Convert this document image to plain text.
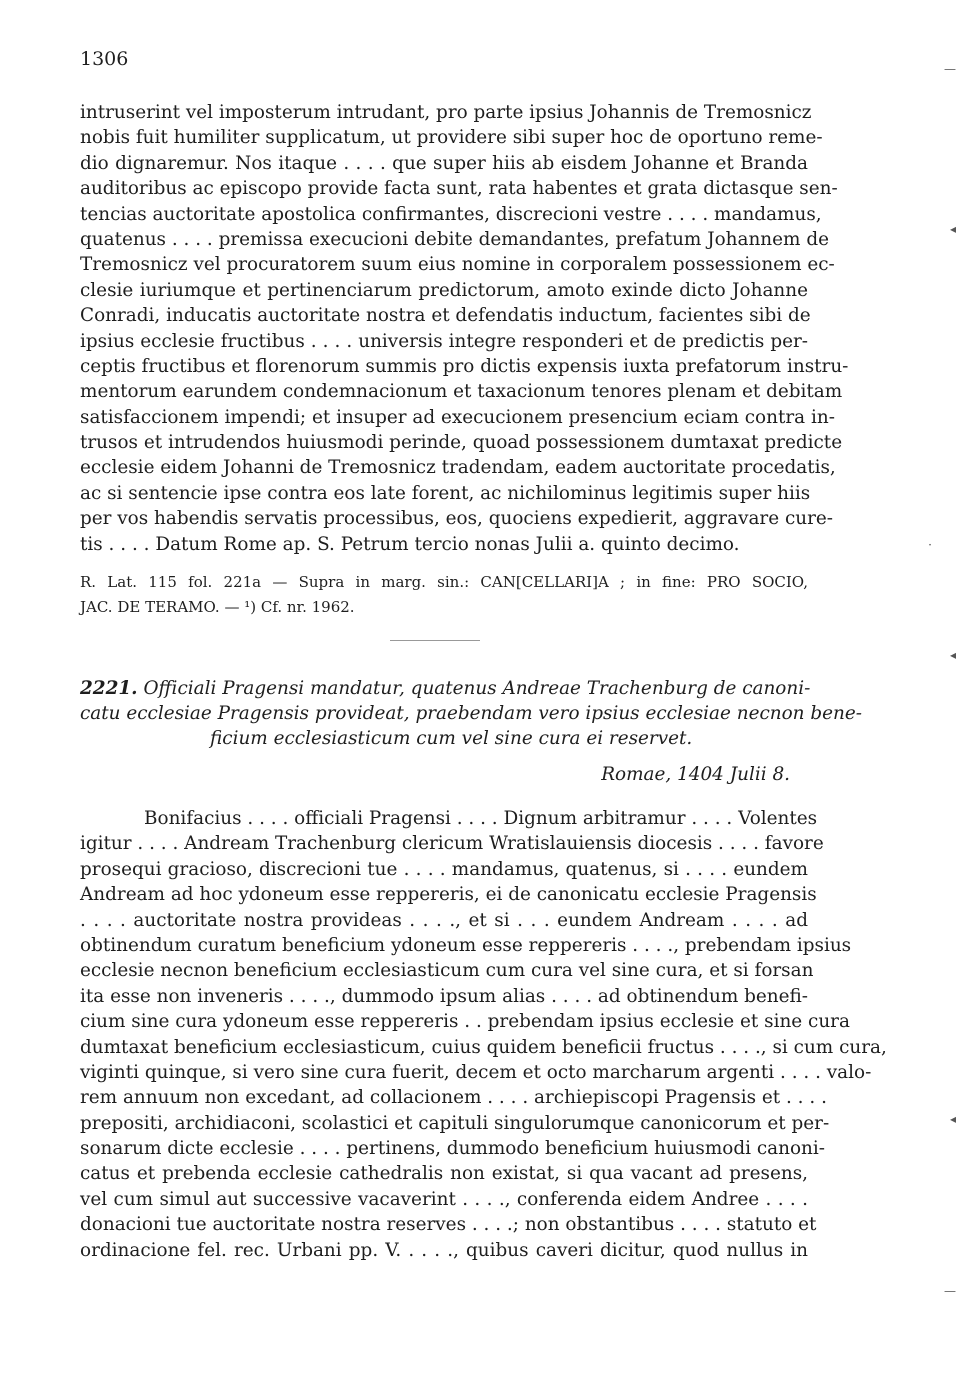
1306	—
◂
·
◂
◂
—
intruserint vel imposterum intrudant, pro parte ipsius Johannis de Tremosnicz
nobis fuit humiliter supplicatum, ut providere sibi super hoc de oportuno reme-
dio dignaremur. Nos itaque . . . . que super hiis ab eisdem Johanne et Branda
auditoribus ac episcopo provide facta sunt, rata habentes et grata dictasque sen-
tencias auctoritate apostolica confirmantes, discrecioni vestre . . . . mandamus,
quatenus . . . . premissa execucioni debite demandantes, prefatum Johannem de
Tremosnicz vel procuratorem suum eius nomine in corporalem possessionem ec-
clesie iuriumque et pertinenciarum predictorum, amoto exinde dicto Johanne
Conradi, inducatis auctoritate nostra et defendatis inductum, facientes sibi de
ipsius ecclesie fructibus . . . . universis integre responderi et de predictis per-
ceptis fructibus et florenorum summis pro dictis expensis iuxta prefatorum instru-
mentorum earundem condemnacionum et taxacionum tenores plenam et debitam
satisfaccionem impendi; et insuper ad execucionem presencium eciam contra in-
trusos et intrudendos huiusmodi perinde, quoad possessionem dumtaxat predicte
ecclesie eidem Johanni de Tremosnicz tradendam, eadem auctoritate procedatis,
ac si sentencie ipse contra eos late forent, ac nichilominus legitimis super hiis
per vos habendis servatis processibus, eos, quociens expedierit, aggravare cure-
tis . . . . Datum Rome ap. S. Petrum tercio nonas Julii a. quinto decimo.
R. Lat. 115 fol. 221a — Supra in marg. sin.: CAN[CELLARI]A ; in fine: PRO SOCIO,
JAC. DE TERAMO. — ¹) Cf. nr. 1962.
2221. Officiali Pragensi mandatur, quatenus Andreae Trachenburg de canoni-
catu ecclesiae Pragensis provideat, praebendam vero ipsius ecclesiae necnon bene-
ficium ecclesiasticum cum vel sine cura ei reservet.
Romae, 1404 Julii 8.
Bonifacius . . . . officiali Pragensi . . . . Dignum arbitramur . . . . Volentes
igitur . . . . Andream Trachenburg clericum Wratislauiensis diocesis . . . . favore
prosequi gracioso, discrecioni tue . . . . mandamus, quatenus, si . . . . eundem
Andream ad hoc ydoneum esse reppereris, ei de canonicatu ecclesie Pragensis
. . . . auctoritate nostra provideas . . . ., et si . . . eundem Andream . . . . ad
obtinendum curatum beneficium ydoneum esse reppereris . . . ., prebendam ipsius
ecclesie necnon beneficium ecclesiasticum cum cura vel sine cura, et si forsan
ita esse non inveneris . . . ., dummodo ipsum alias . . . . ad obtinendum benefi-
cium sine cura ydoneum esse reppereris . . prebendam ipsius ecclesie et sine cura
dumtaxat beneficium ecclesiasticum, cuius quidem beneficii fructus . . . ., si cum cura,
viginti quinque, si vero sine cura fuerit, decem et octo marcharum argenti . . . . valo-
rem annuum non excedant, ad collacionem . . . . archiepiscopi Pragensis et . . . .
prepositi, archidiaconi, scolastici et capituli singulorumque canonicorum et per-
sonarum dicte ecclesie . . . . pertinens, dummodo beneficium huiusmodi canoni-
catus et prebenda ecclesie cathedralis non existat, si qua vacant ad presens,
vel cum simul aut successive vacaverint . . . ., conferenda eidem Andree . . . .
donacioni tue auctoritate nostra reserves . . . .; non obstantibus . . . . statuto et
ordinacione fel. rec. Urbani pp. V. . . . ., quibus caveri dicitur, quod nullus in
